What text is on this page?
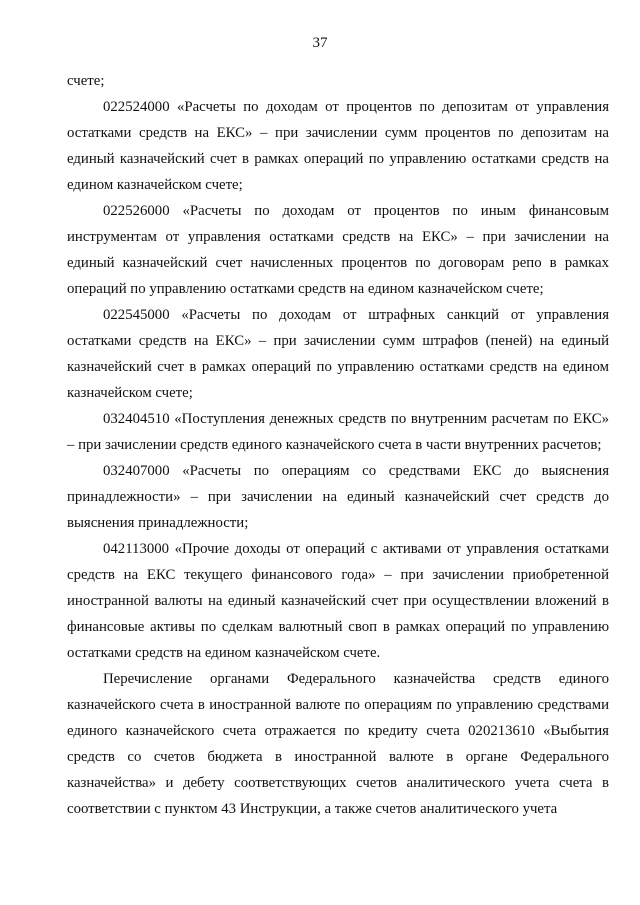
37

счете;

022524000 «Расчеты по доходам от процентов по депозитам от управления остатками средств на ЕКС» – при зачислении сумм процентов по депозитам на единый казначейский счет в рамках операций по управлению остатками средств на едином казначейском счете;

022526000 «Расчеты по доходам от процентов по иным финансовым инструментам от управления остатками средств на ЕКС» – при зачислении на единый казначейский счет начисленных процентов по договорам репо в рамках операций по управлению остатками средств на едином казначейском счете;

022545000 «Расчеты по доходам от штрафных санкций от управления остатками средств на ЕКС» – при зачислении сумм штрафов (пеней) на единый казначейский счет в рамках операций по управлению остатками средств на едином казначейском счете;

032404510 «Поступления денежных средств по внутренним расчетам по ЕКС» – при зачислении средств единого казначейского счета в части внутренних расчетов;

032407000 «Расчеты по операциям со средствами ЕКС до выяснения принадлежности» – при зачислении на единый казначейский счет средств до выяснения принадлежности;

042113000 «Прочие доходы от операций с активами от управления остатками средств на ЕКС текущего финансового года» – при зачислении приобретенной иностранной валюты на единый казначейский счет при осуществлении вложений в финансовые активы по сделкам валютный своп в рамках операций по управлению остатками средств на едином казначейском счете.

Перечисление органами Федерального казначейства средств единого казначейского счета в иностранной валюте по операциям по управлению средствами единого казначейского счета отражается по кредиту счета 020213610 «Выбытия средств со счетов бюджета в иностранной валюте в органе Федерального казначейства» и дебету соответствующих счетов аналитического учета счета в соответствии с пунктом 43 Инструкции, а также счетов аналитического учета
